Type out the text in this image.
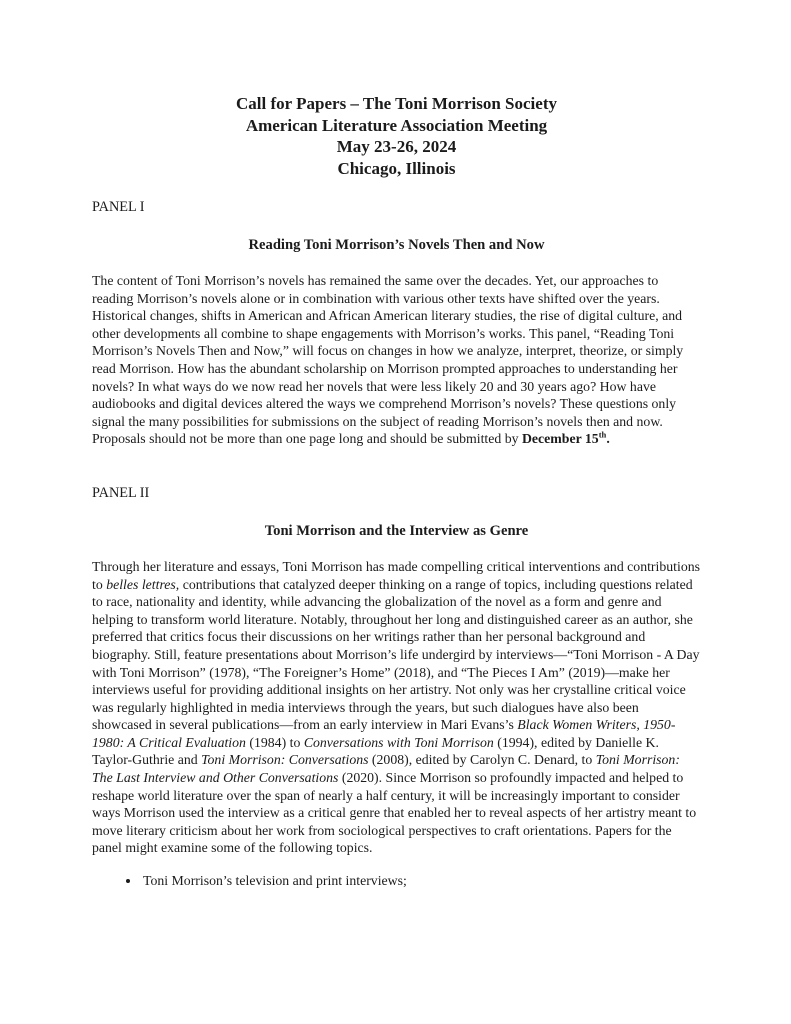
Call for Papers – The Toni Morrison Society
American Literature Association Meeting
May 23-26, 2024
Chicago, Illinois
PANEL I
Reading Toni Morrison’s Novels Then and Now

The content of Toni Morrison’s novels has remained the same over the decades. Yet, our approaches to reading Morrison’s novels alone or in combination with various other texts have shifted over the years. Historical changes, shifts in American and African American literary studies, the rise of digital culture, and other developments all combine to shape engagements with Morrison’s works. This panel, “Reading Toni Morrison’s Novels Then and Now,” will focus on changes in how we analyze, interpret, theorize, or simply read Morrison. How has the abundant scholarship on Morrison prompted approaches to understanding her novels? In what ways do we now read her novels that were less likely 20 and 30 years ago? How have audiobooks and digital devices altered the ways we comprehend Morrison’s novels? These questions only signal the many possibilities for submissions on the subject of reading Morrison’s novels then and now. Proposals should not be more than one page long and should be submitted by December 15th.

PANEL II
Toni Morrison and the Interview as Genre

Through her literature and essays, Toni Morrison has made compelling critical interventions and contributions to belles lettres, contributions that catalyzed deeper thinking on a range of topics, including questions related to race, nationality and identity, while advancing the globalization of the novel as a form and genre and helping to transform world literature. Notably, throughout her long and distinguished career as an author, she preferred that critics focus their discussions on her writings rather than her personal background and biography. Still, feature presentations about Morrison’s life undergird by interviews—“Toni Morrison - A Day with Toni Morrison” (1978), “The Foreigner’s Home” (2018), and “The Pieces I Am” (2019)—make her interviews useful for providing additional insights on her artistry. Not only was her crystalline critical voice was regularly highlighted in media interviews through the years, but such dialogues have also been showcased in several publications—from an early interview in Mari Evans’s Black Women Writers, 1950-1980: A Critical Evaluation (1984) to Conversations with Toni Morrison (1994), edited by Danielle K. Taylor-Guthrie and Toni Morrison: Conversations (2008), edited by Carolyn C. Denard, to Toni Morrison: The Last Interview and Other Conversations (2020). Since Morrison so profoundly impacted and helped to reshape world literature over the span of nearly a half century, it will be increasingly important to consider ways Morrison used the interview as a critical genre that enabled her to reveal aspects of her artistry meant to move literary criticism about her work from sociological perspectives to craft orientations. Papers for the panel might examine some of the following topics.

• Toni Morrison’s television and print interviews;
